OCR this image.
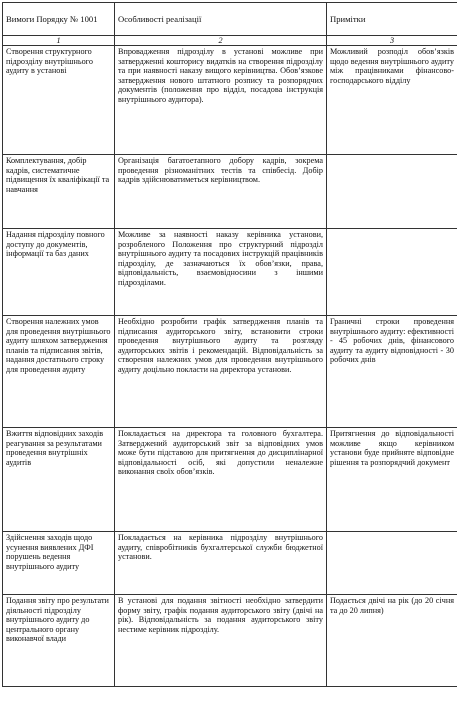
Вимоги Порядку № 1001	Особливості реалізації	Примітки
1	2	3
Створення структурного підрозділу внутрішнього аудиту в установі	Впровадження підрозділу в установі можливе при затвердженні кошторису видатків на створення підрозділу та при наявності наказу вищого керівництва. Обов’язкове затвердження нового штатного розпису та розпорядчих документів (положення про відділ, посадова інструкція внутрішнього аудитора).	Можливий розподіл обов’язків щодо ведення внутрішнього аудиту між працівниками фінансово-господарського відділу
Комплектування, добір кадрів, систематичне підвищення їх кваліфікації та навчання	Організація багатоетапного добору кадрів, зокрема проведення різноманітних тестів та співбесід. Добір кадрів здійснюватиметься керівництвом.	
Надання підрозділу повного доступу до документів, інформації та баз даних	Можливе за наявності наказу керівника установи, розробленого Положення про структурний підрозділ внутрішнього аудиту та посадових інструкцій працівників підрозділу, де зазначаються їх обов’язки, права, відповідальність, взаємовідносини з іншими підрозділами.	
Створення належних умов для проведення внутрішнього аудиту шляхом затвердження планів та підписання звітів, надання достатнього строку для проведення аудиту	Необхідно розробити графік затвердження планів та підписання аудиторського звіту, встановити строки проведення внутрішнього аудиту та розгляду аудиторських звітів і рекомендацій. Відповідальність за створення належних умов для проведення внутрішнього аудиту доцільно покласти на директора установи.	Граничні строки проведення внутрішнього аудиту: ефективності - 45 робочих днів, фінансового аудиту та аудиту відповідності - 30 робочих днів
Вжиття відповідних заходів реагування за результатами проведення внутрішніх аудитів	Покладається на директора та головного бухгалтера. Затверджений аудиторський звіт за відповідних умов може бути підставою для притягнення до дисциплінарної відповідальності осіб, які допустили неналежне виконання своїх обов’язків.	Притягнення до відповідальності можливе якщо керівником установи буде прийняте відповідне рішення та розпорядчий документ
Здійснення заходів щодо усунення виявлених ДФІ порушень ведення внутрішнього аудиту	Покладається на керівника підрозділу внутрішнього аудиту, співробітників бухгалтерської служби бюджетної установи.	
Подання звіту про результати діяльності підрозділу внутрішнього аудиту до центрального органу виконавчої влади	В установі для подання звітності необхідно затвердити форму звіту, графік подання аудиторського звіту (двічі на рік). Відповідальність за подання аудиторського звіту нестиме керівник підрозділу.	Подається двічі на рік (до 20 січня та до 20 липня)
